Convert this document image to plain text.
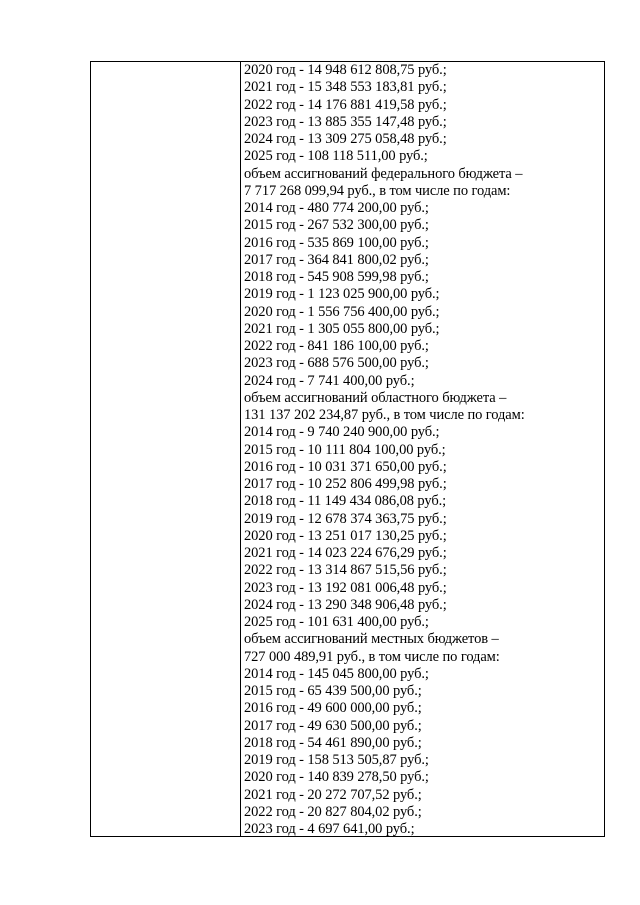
2020 год - 14 948 612 808,75 руб.;
2021 год - 15 348 553 183,81 руб.;
2022 год - 14 176 881 419,58 руб.;
2023 год - 13 885 355 147,48 руб.;
2024 год - 13 309 275 058,48 руб.;
2025 год - 108 118 511,00 руб.;
объем ассигнований федерального бюджета –
7 717 268 099,94 руб., в том числе по годам:
2014 год - 480 774 200,00 руб.;
2015 год - 267 532 300,00 руб.;
2016 год - 535 869 100,00 руб.;
2017 год - 364 841 800,02 руб.;
2018 год - 545 908 599,98 руб.;
2019 год - 1 123 025 900,00 руб.;
2020 год - 1 556 756 400,00 руб.;
2021 год - 1 305 055 800,00 руб.;
2022 год - 841 186 100,00 руб.;
2023 год - 688 576 500,00 руб.;
2024 год - 7 741 400,00 руб.;
объем ассигнований областного бюджета –
131 137 202 234,87 руб., в том числе по годам:
2014 год - 9 740 240 900,00 руб.;
2015 год - 10 111 804 100,00 руб.;
2016 год - 10 031 371 650,00 руб.;
2017 год - 10 252 806 499,98 руб.;
2018 год - 11 149 434 086,08 руб.;
2019 год - 12 678 374 363,75 руб.;
2020 год - 13 251 017 130,25 руб.;
2021 год - 14 023 224 676,29 руб.;
2022 год - 13 314 867 515,56 руб.;
2023 год - 13 192 081 006,48 руб.;
2024 год - 13 290 348 906,48 руб.;
2025 год - 101 631 400,00 руб.;
объем ассигнований местных бюджетов –
727 000 489,91 руб., в том числе по годам:
2014 год - 145 045 800,00 руб.;
2015 год - 65 439 500,00 руб.;
2016 год - 49 600 000,00 руб.;
2017 год - 49 630 500,00 руб.;
2018 год - 54 461 890,00 руб.;
2019 год - 158 513 505,87 руб.;
2020 год - 140 839 278,50 руб.;
2021 год - 20 272 707,52 руб.;
2022 год - 20 827 804,02 руб.;
2023 год - 4 697 641,00 руб.;
